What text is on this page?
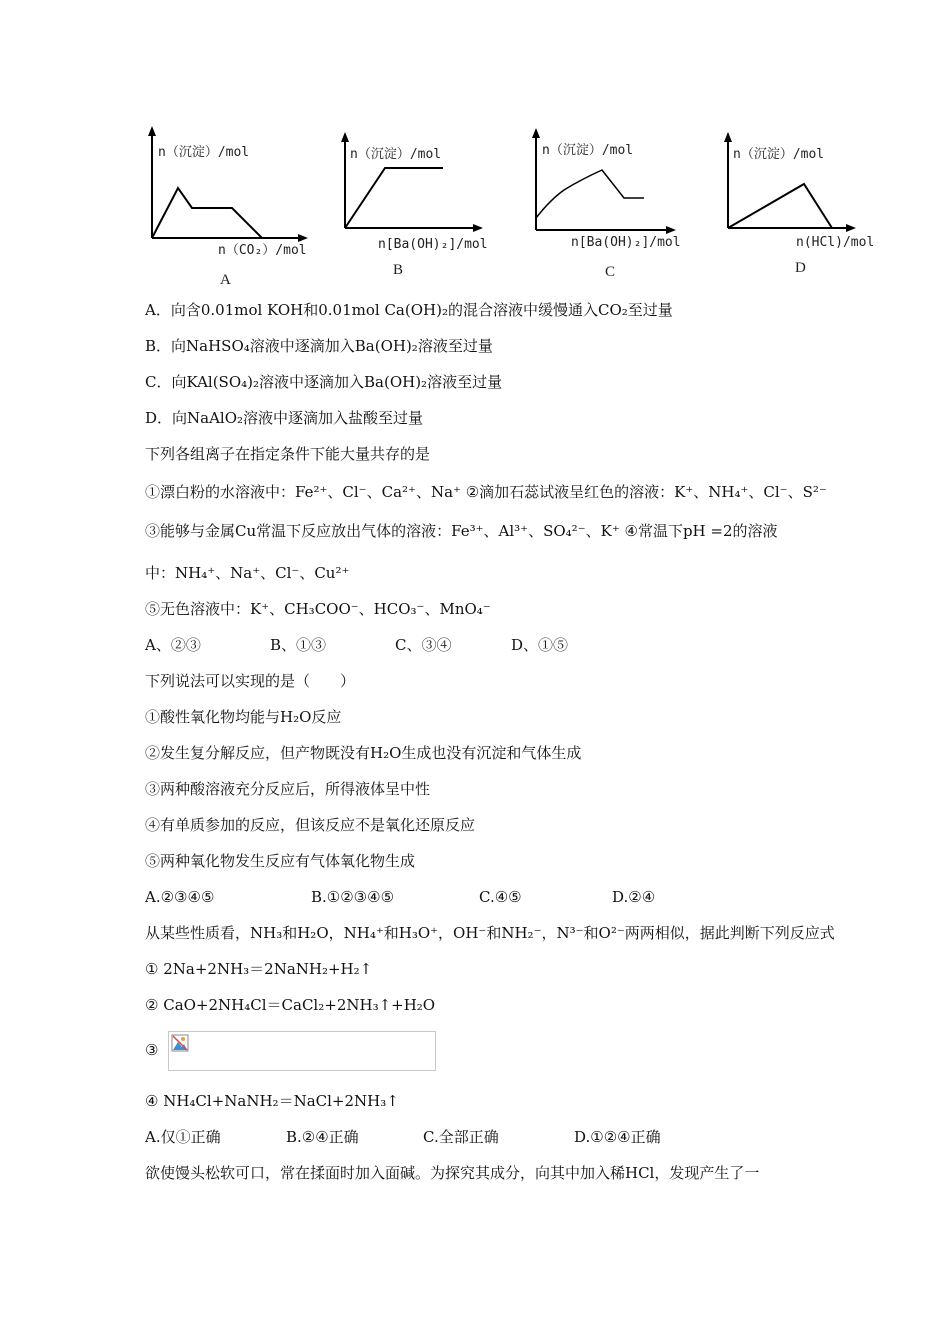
n（沉淀）/mol
n（CO₂）/mol
A
n（沉淀）/mol
n[Ba(OH)₂]/mol
B
n（沉淀）/mol
n[Ba(OH)₂]/mol
C
n（沉淀）/mol
n(HCl)/mol
D
A．向含0.01mol KOH和0.01mol Ca(OH)₂的混合溶液中缓慢通入CO₂至过量
B．向NaHSO₄溶液中逐滴加入Ba(OH)₂溶液至过量
C．向KAl(SO₄)₂溶液中逐滴加入Ba(OH)₂溶液至过量
D．向NaAlO₂溶液中逐滴加入盐酸至过量
下列各组离子在指定条件下能大量共存的是
①漂白粉的水溶液中：Fe²⁺、Cl⁻、Ca²⁺、Na⁺ ②滴加石蕊试液呈红色的溶液：K⁺、NH₄⁺、Cl⁻、S²⁻
③能够与金属Cu常温下反应放出气体的溶液：Fe³⁺、Al³⁺、SO₄²⁻、K⁺ ④常温下pH =2的溶液
中：NH₄⁺、Na⁺、Cl⁻、Cu²⁺
⑤无色溶液中：K⁺、CH₃COO⁻、HCO₃⁻、MnO₄⁻
A、②③	B、①③	C、③④	D、①⑤
下列说法可以实现的是（　　）
①酸性氧化物均能与H₂O反应
②发生复分解反应，但产物既没有H₂O生成也没有沉淀和气体生成
③两种酸溶液充分反应后，所得液体呈中性
④有单质参加的反应，但该反应不是氧化还原反应
⑤两种氧化物发生反应有气体氧化物生成
A.②③④⑤	B.①②③④⑤	C.④⑤	D.②④
从某些性质看，NH₃和H₂O，NH₄⁺和H₃O⁺，OH⁻和NH₂⁻，N³⁻和O²⁻两两相似，据此判断下列反应式
① 2Na+2NH₃＝2NaNH₂+H₂↑
② CaO+2NH₄Cl＝CaCl₂+2NH₃↑+H₂O
③
④ NH₄Cl+NaNH₂＝NaCl+2NH₃↑
A.仅①正确	B.②④正确	C.全部正确	D.①②④正确
欲使馒头松软可口，常在揉面时加入面碱。为探究其成分，向其中加入稀HCl，发现产生了一
